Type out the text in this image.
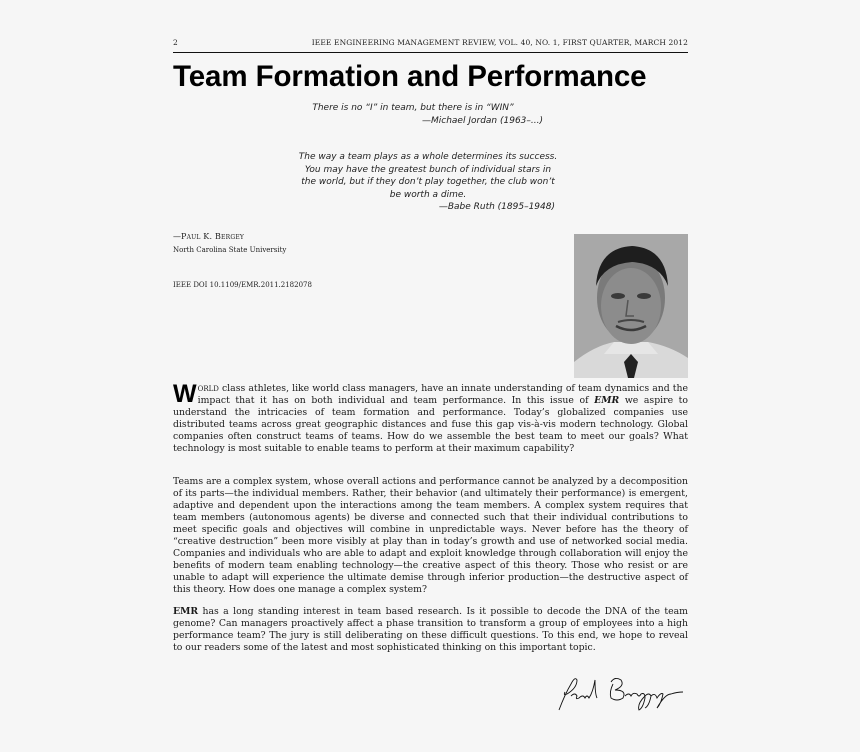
2	IEEE ENGINEERING MANAGEMENT REVIEW, VOL. 40, NO. 1, FIRST QUARTER, MARCH 2012
Team Formation and Performance
There is no “I” in team, but there is in “WIN”
—Michael Jordan (1963–...)
The way a team plays as a whole determines its success.
You may have the greatest bunch of individual stars in
the world, but if they don’t play together, the club won’t
be worth a dime.
—Babe Ruth (1895–1948)
—Paul K. Bergey
North Carolina State University
IEEE DOI 10.1109/EMR.2011.2182078
World class athletes, like world class managers, have an innate understanding of team dynamics and the impact that it has on both individual and team performance. In this issue of EMR we aspire to understand the intricacies of team formation and performance. Today’s globalized companies use distributed teams across great geographic distances and fuse this gap vis-à-vis modern technology. Global companies often construct teams of teams. How do we assemble the best team to meet our goals? What technology is most suitable to enable teams to perform at their maximum capability?
Teams are a complex system, whose overall actions and performance cannot be analyzed by a decomposition of its parts—the individual members. Rather, their behavior (and ultimately their performance) is emergent, adaptive and dependent upon the interactions among the team members. A complex system requires that team members (autonomous agents) be diverse and connected such that their individual contributions to meet specific goals and objectives will combine in unpredictable ways. Never before has the theory of “creative destruction” been more visibly at play than in today’s growth and use of networked social media. Companies and individuals who are able to adapt and exploit knowledge through collaboration will enjoy the benefits of modern team enabling technology—the creative aspect of this theory. Those who resist or are unable to adapt will experience the ultimate demise through inferior production—the destructive aspect of this theory. How does one manage a complex system?
EMR has a long standing interest in team based research. Is it possible to decode the DNA of the team genome? Can managers proactively affect a phase transition to transform a group of employees into a high performance team? The jury is still deliberating on these difficult questions. To this end, we hope to reveal to our readers some of the latest and most sophisticated thinking on this important topic.
